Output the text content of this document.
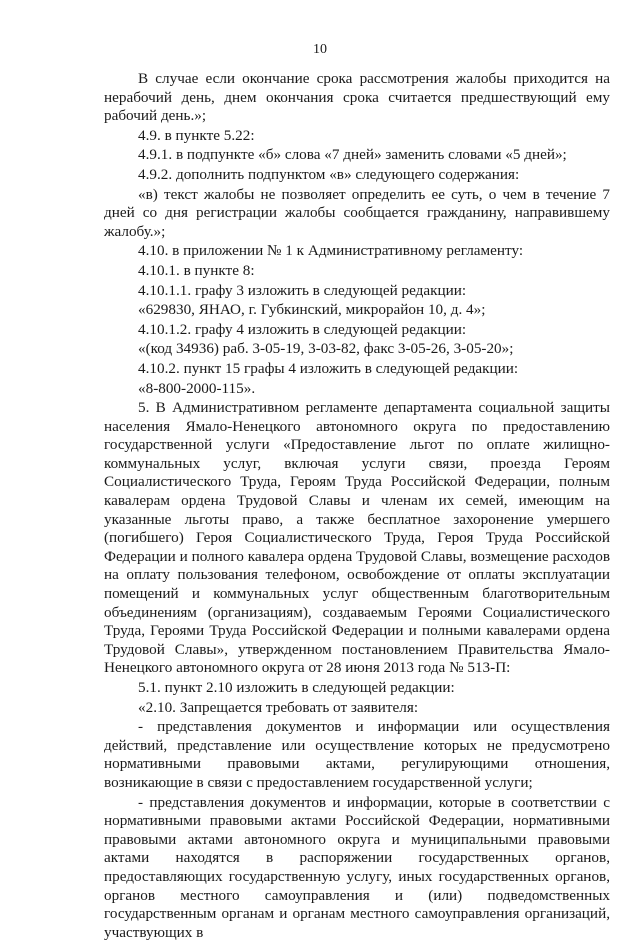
10

В случае если окончание срока рассмотрения жалобы приходится на нерабочий день, днем окончания срока считается предшествующий ему рабочий день.»;

4.9. в пункте 5.22:

4.9.1. в подпункте «б» слова «7 дней» заменить словами «5 дней»;

4.9.2. дополнить подпунктом «в» следующего содержания:

«в) текст жалобы не позволяет определить ее суть, о чем в течение 7 дней со дня регистрации жалобы сообщается гражданину, направившему жалобу.»;

4.10. в приложении № 1 к Административному регламенту:

4.10.1. в пункте 8:

4.10.1.1. графу 3 изложить в следующей редакции:

«629830, ЯНАО, г. Губкинский, микрорайон 10, д. 4»;

4.10.1.2. графу 4 изложить в следующей редакции:

«(код 34936) раб. 3-05-19, 3-03-82, факс 3-05-26, 3-05-20»;

4.10.2. пункт 15 графы 4 изложить в следующей редакции:

«8-800-2000-115».

5. В Административном регламенте департамента социальной защиты населения Ямало-Ненецкого автономного округа по предоставлению государственной услуги «Предоставление льгот по оплате жилищно-коммунальных услуг, включая услуги связи, проезда Героям Социалистического Труда, Героям Труда Российской Федерации, полным кавалерам ордена Трудовой Славы и членам их семей, имеющим на указанные льготы право, а также бесплатное захоронение умершего (погибшего) Героя Социалистического Труда, Героя Труда Российской Федерации и полного кавалера ордена Трудовой Славы, возмещение расходов на оплату пользования телефоном, освобождение от оплаты эксплуатации помещений и коммунальных услуг общественным благотворительным объединениям (организациям), создаваемым Героями Социалистического Труда, Героями Труда Российской Федерации и полными кавалерами ордена Трудовой Славы», утвержденном постановлением Правительства Ямало-Ненецкого автономного округа от 28 июня 2013 года № 513-П:

5.1. пункт 2.10 изложить в следующей редакции:

«2.10. Запрещается требовать от заявителя:

- представления документов и информации или осуществления действий, представление или осуществление которых не предусмотрено нормативными правовыми актами, регулирующими отношения, возникающие в связи с предоставлением государственной услуги;

- представления документов и информации, которые в соответствии с нормативными правовыми актами Российской Федерации, нормативными правовыми актами автономного округа и муниципальными правовыми актами находятся в распоряжении государственных органов, предоставляющих государственную услугу, иных государственных органов, органов местного самоуправления и (или) подведомственных государственным органам и органам местного самоуправления организаций, участвующих в
